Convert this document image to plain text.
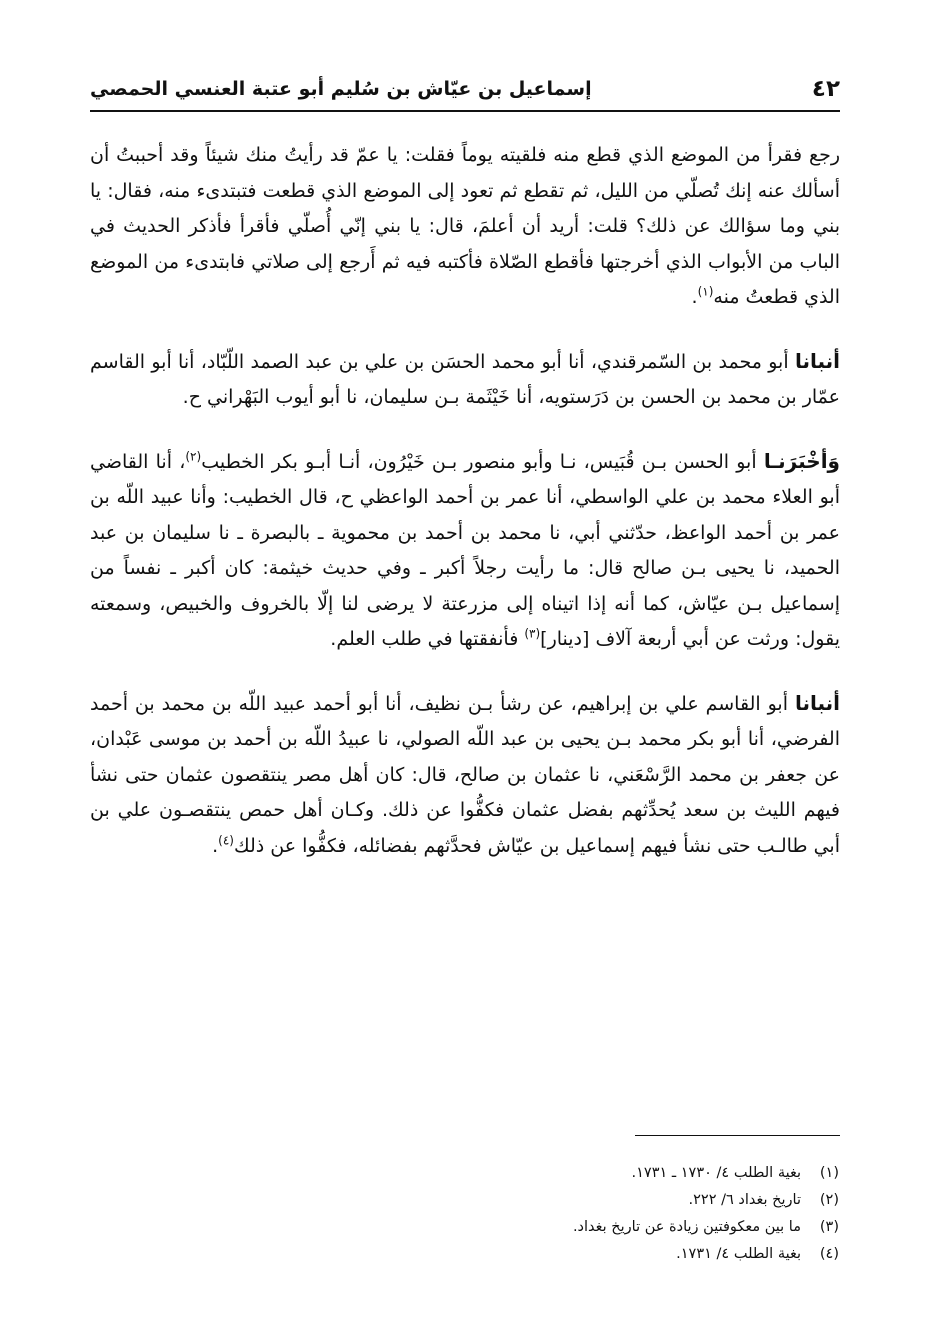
٤٢
إسماعيل بن عيّاش بن سُليم أبو عتبة العنسي الحمصي

رجع فقرأ من الموضع الذي قطع منه فلقيته يوماً فقلت: يا عمّ قد رأيتُ منك شيئاً وقد أحببتُ أن أسألك عنه إنك تُصلّي من الليل، ثم تقطع ثم تعود إلى الموضع الذي قطعت فتبتدىء منه، فقال: يا بني وما سؤالك عن ذلك؟ قلت: أريد أن أعلمَ، قال: يا بني إنّي أُصلّي فأقرأ فأذكر الحديث في الباب من الأبواب الذي أخرجتها فأقطع الصّلاة فأكتبه فيه ثم أَرجع إلى صلاتي فابتدىء من الموضع الذي قطعتُ منه$^{(١)}$.

أنبانا أبو محمد بن السّمرقندي، أنا أبو محمد الحسَن بن علي بن عبد الصمد اللّبّاد، أنا أبو القاسم عمّار بن محمد بن الحسن بن دَرَستويه، أنا خَيْثَمة بـن سليمان، نا أبو أيوب البَهْراني ح.

وَأخْبَرَنـا أبو الحسن بـن قُبَيس، نـا وأبو منصور بـن خَيْرُون، أنـا أبـو بكر الخطيب$^{(٢)}$، أنا القاضي أبو العلاء محمد بن علي الواسطي، أنا عمر بن أحمد الواعظي ح، قال الخطيب: وأنا عبيد اللّه بن عمر بن أحمد الواعظ، حدّثني أبي، نا محمد بن أحمد بن محموية ـ بالبصرة ـ نا سليمان بن عبد الحميد، نا يحيى بـن صالح قال: ما رأيت رجلاً أكبر ـ وفي حديث خيثمة: كان أكبر ـ نفساً من إسماعيل بـن عيّاش، كما أنه إذا اتيناه إلى مزرعتة لا يرضى لنا إلّا بالخروف والخبيص، وسمعته يقول: ورثت عن أبي أربعة آلاف [دينار]$^{(٣)}$ فأنفقتها في طلب العلم.

أنبانا أبو القاسم علي بن إبراهيم، عن رشأ بـن نظيف، أنا أبو أحمد عبيد اللّه بن محمد بن أحمد الفرضي، أنا أبو بكر محمد بـن يحيى بن عبد اللّه الصولي، نا عبيدُ اللّه بن أحمد بن موسى عَبْدان، عن جعفر بن محمد الرَّسْعَني، نا عثمان بن صالح، قال: كان أهل مصر ينتقصون عثمان حتى نشأ فيهم الليث بن سعد يُحدِّثهم بفضل عثمان فكفُّوا عن ذلك. وكـان أهل حمص ينتقصـون علي بن أبي طالـب حتى نشأ فيهم إسماعيل بن عيّاش فحدَّثهم بفضائله، فكفُّوا عن ذلك$^{(٤)}$.

(١)بغية الطلب ٤/ ١٧٣٠ ـ ١٧٣١.
(٢)تاريخ بغداد ٦/ ٢٢٢.
(٣)ما بين معكوفتين زيادة عن تاريخ بغداد.
(٤)بغية الطلب ٤/ ١٧٣١.
